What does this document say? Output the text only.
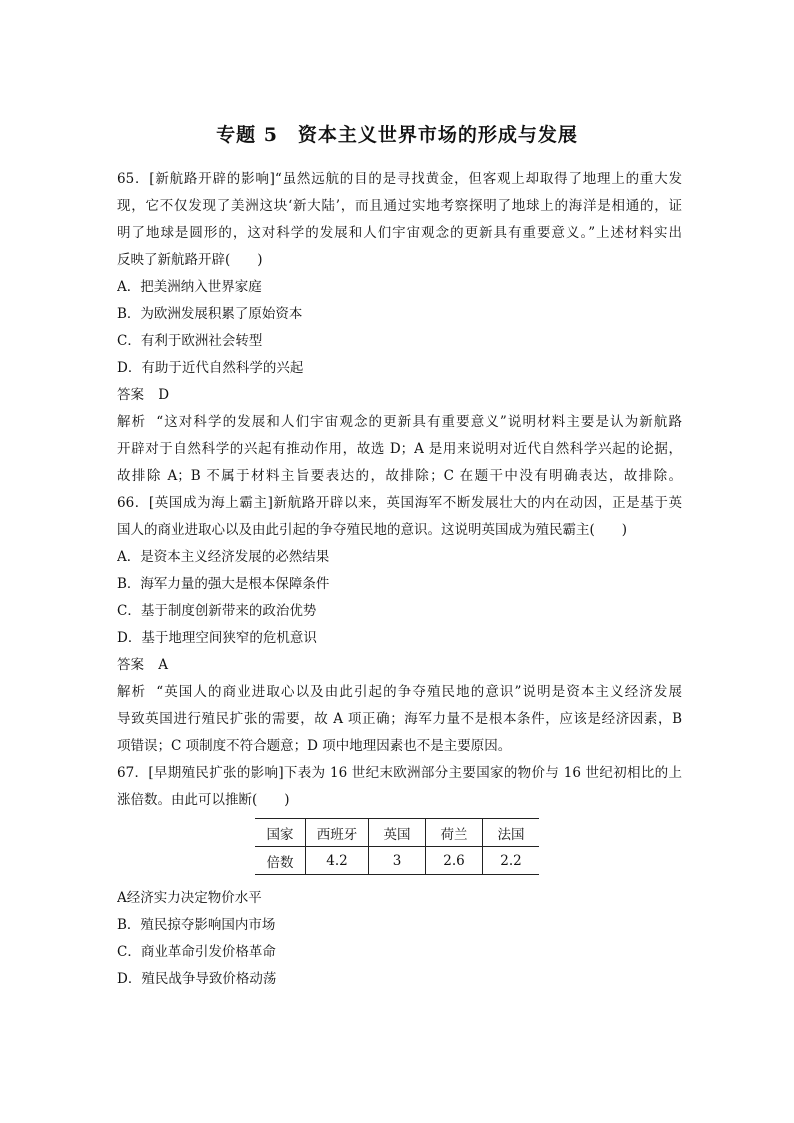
专题 5　资本主义世界市场的形成与发展
65．[新航路开辟的影响]“虽然远航的目的是寻找黄金，但客观上却取得了地理上的重大发
现，它不仅发现了美洲这块‘新大陆’，而且通过实地考察探明了地球上的海洋是相通的，证
明了地球是圆形的，这对科学的发展和人们宇宙观念的更新具有重要意义。”上述材料实出
反映了新航路开辟(　　)
A．把美洲纳入世界家庭
B．为欧洲发展积累了原始资本
C．有利于欧洲社会转型
D．有助于近代自然科学的兴起
答案 D
解析 “这对科学的发展和人们宇宙观念的更新具有重要意义”说明材料主要是认为新航路
开辟对于自然科学的兴起有推动作用，故选 D；A 是用来说明对近代自然科学兴起的论据，
故排除 A；B 不属于材料主旨要表达的，故排除；C 在题干中没有明确表达，故排除。
66．[英国成为海上霸主]新航路开辟以来，英国海军不断发展壮大的内在动因，正是基于英
国人的商业进取心以及由此引起的争夺殖民地的意识。这说明英国成为殖民霸主(　　)
A．是资本主义经济发展的必然结果
B．海军力量的强大是根本保障条件
C．基于制度创新带来的政治优势
D．基于地理空间狭窄的危机意识
答案 A
解析 “英国人的商业进取心以及由此引起的争夺殖民地的意识”说明是资本主义经济发展
导致英国进行殖民扩张的需要，故 A 项正确；海军力量不是根本条件，应该是经济因素，B
项错误；C 项制度不符合题意；D 项中地理因素也不是主要原因。
67．[早期殖民扩张的影响]下表为 16 世纪末欧洲部分主要国家的物价与 16 世纪初相比的上
涨倍数。由此可以推断(　　)
国家	西班牙	英国	荷兰	法国
倍数	4.2	3	2.6	2.2
A经济实力决定物价水平
B．殖民掠夺影响国内市场
C．商业革命引发价格革命
D．殖民战争导致价格动荡
